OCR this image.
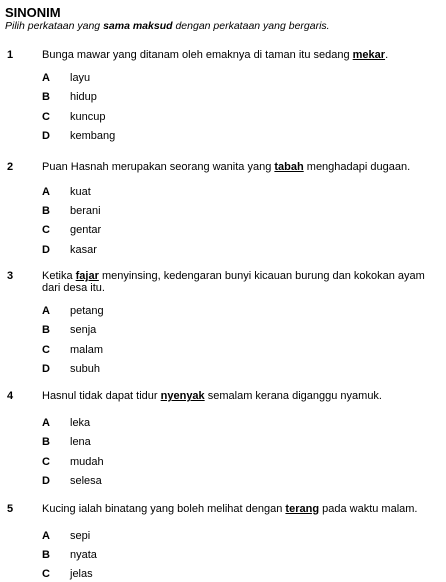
SINONIM
Pilih perkataan yang sama maksud dengan perkataan yang bergaris.
1	Bunga mawar yang ditanam oleh emaknya di taman itu sedang mekar.
A layu
B hidup
C kuncup
D kembang
2	Puan Hasnah merupakan seorang wanita yang tabah menghadapi dugaan.
A kuat
B berani
C gentar
D kasar
3	Ketika fajar menyinsing, kedengaran bunyi kicauan burung dan kokokan ayam dari desa itu.
A petang
B senja
C malam
D subuh
4	Hasnul tidak dapat tidur nyenyak semalam kerana diganggu nyamuk.
A leka
B lena
C mudah
D selesa
5	Kucing ialah binatang yang boleh melihat dengan terang pada waktu malam.
A sepi
B nyata
C jelas
